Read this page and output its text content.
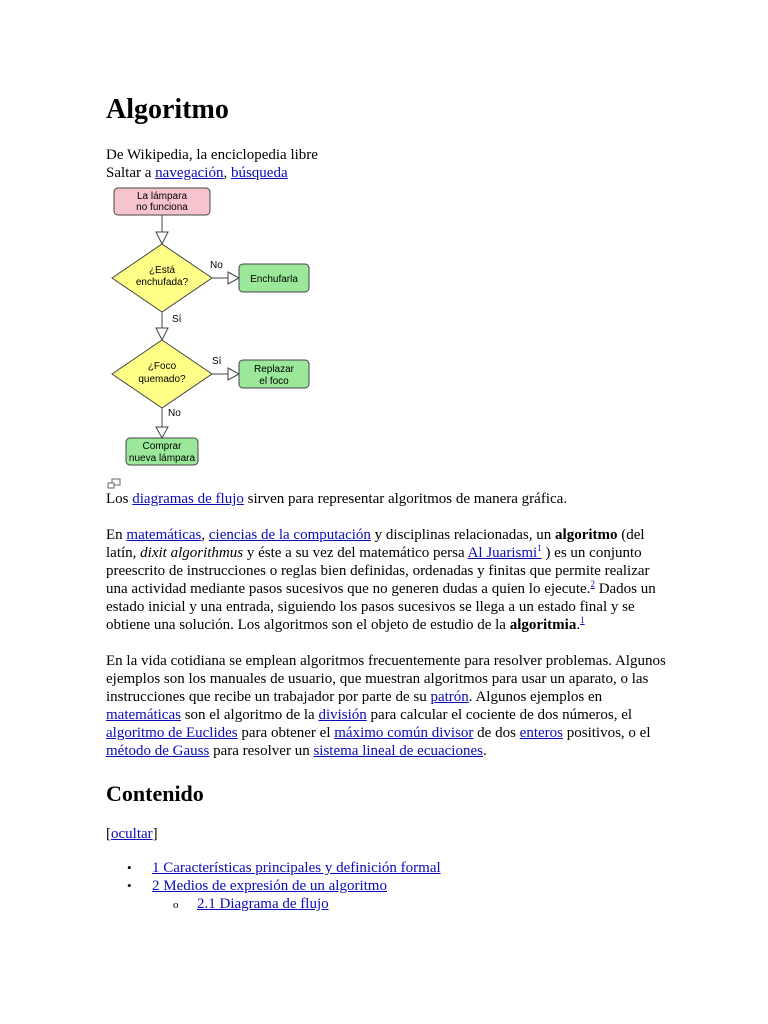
Algoritmo
De Wikipedia, la enciclopedia libre
Saltar a navegación, búsqueda
La lámpara
no funciona
¿Está
enchufada?
No
Enchufarla
Sí
¿Foco
quemado?
Sí
Replazar
el foco
No
Comprar
nueva lámpara

Los diagramas de flujo sirven para representar algoritmos de manera gráfica.

En matemáticas, ciencias de la computación y disciplinas relacionadas, un algoritmo (del latín, dixit algorithmus y éste a su vez del matemático persa Al Juarismi$^1$ ) es un conjunto preescrito de instrucciones o reglas bien definidas, ordenadas y finitas que permite realizar una actividad mediante pasos sucesivos que no generen dudas a quien lo ejecute.$^2$ Dados un estado inicial y una entrada, siguiendo los pasos sucesivos se llega a un estado final y se obtiene una solución. Los algoritmos son el objeto de estudio de la algoritmia.$^1$

En la vida cotidiana se emplean algoritmos frecuentemente para resolver problemas. Algunos ejemplos son los manuales de usuario, que muestran algoritmos para usar un aparato, o las instrucciones que recibe un trabajador por parte de su patrón. Algunos ejemplos en matemáticas son el algoritmo de la división para calcular el cociente de dos números, el algoritmo de Euclides para obtener el máximo común divisor de dos enteros positivos, o el método de Gauss para resolver un sistema lineal de ecuaciones.

Contenido
[ocultar]
• 1 Características principales y definición formal
• 2 Medios de expresión de un algoritmo
o 2.1 Diagrama de flujo
